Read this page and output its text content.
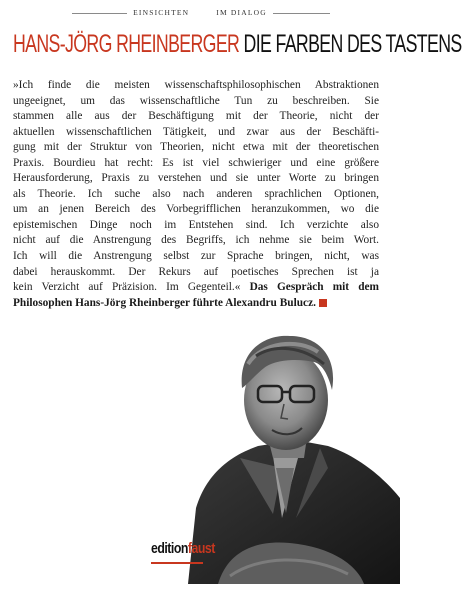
EINSICHTEN	IM DIALOG
HANS-JÖRG RHEINBERGER DIE FARBEN DES TASTENS
»Ich finde die meisten wissenschaftsphilosophischen Abstraktionen
ungeeignet, um das wissenschaftliche Tun zu beschreiben. Sie
stammen alle aus der Beschäftigung mit der Theorie, nicht der
aktuellen wissenschaftlichen Tätigkeit, und zwar aus der Beschäfti-
gung mit der Struktur von Theorien, nicht etwa mit der theoretischen
Praxis. Bourdieu hat recht: Es ist viel schwieriger und eine größere
Herausforderung, Praxis zu verstehen und sie unter Worte zu bringen
als Theorie. Ich suche also nach anderen sprachlichen Optionen,
um an jenen Bereich des Vorbegrifflichen heranzukommen, wo die
epistemischen Dinge noch im Entstehen sind. Ich verzichte also
nicht auf die Anstrengung des Begriffs, ich nehme sie beim Wort.
Ich will die Anstrengung selbst zur Sprache bringen, nicht, was
dabei herauskommt. Der Rekurs auf poetisches Sprechen ist ja
kein Verzicht auf Präzision. Im Gegenteil.« Das Gespräch mit dem
Philosophen Hans-Jörg Rheinberger führte Alexandru Bulucz.
editionfaust
